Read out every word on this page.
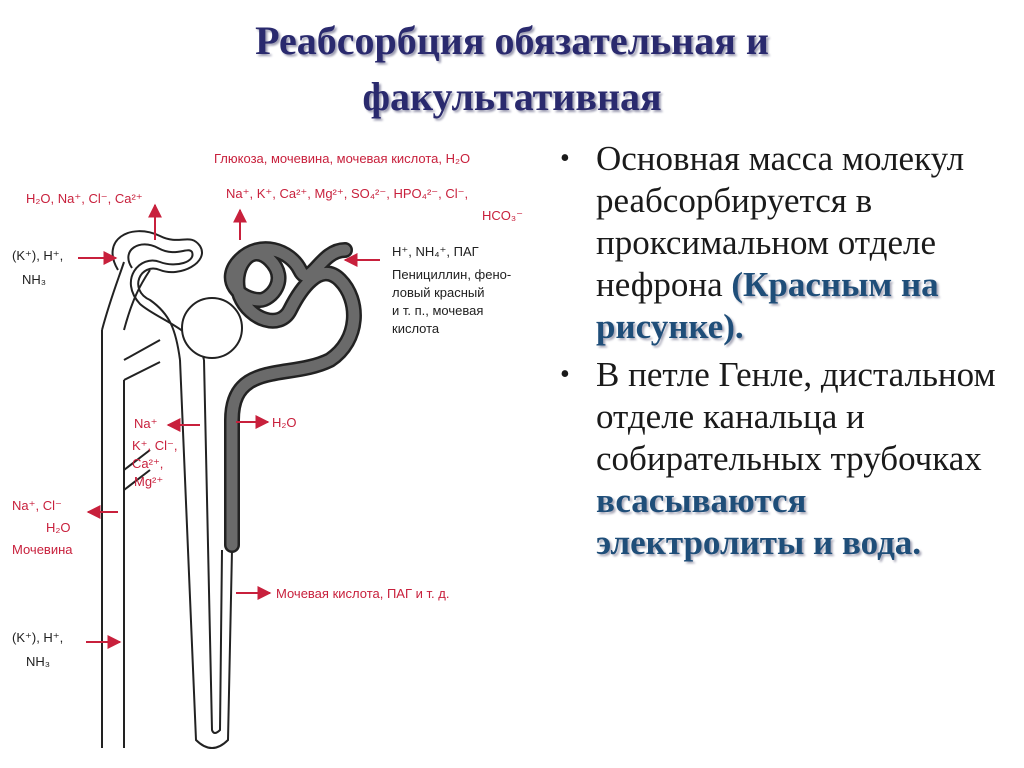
Реабсорбция обязательная и
факультативная
Глюкоза, мочевина, мочевая кислота, H₂O
H₂O, Na⁺, Cl⁻, Ca²⁺	Na⁺, K⁺, Ca²⁺, Mg²⁺, SO₄²⁻, HPO₄²⁻, Cl⁻,
HCO₃⁻
(K⁺), H⁺,
NH₃
H⁺, NH₄⁺, ПАГ
Пенициллин, фено-
ловый красный
и т. п., мочевая
кислота
Na⁺
K⁺, Cl⁻,
Ca²⁺,
Mg²⁺
H₂O
Na⁺, Cl⁻
H₂O
Мочевина
Мочевая кислота, ПАГ и т. д.
(K⁺), H⁺,
NH₃
• Основная масса молекул реабсорбируется в проксимальном отделе нефрона (Красным на рисунке).
• В петле Генле, дистальном отделе канальца и собирательных трубочках всасываются электролиты и вода.
